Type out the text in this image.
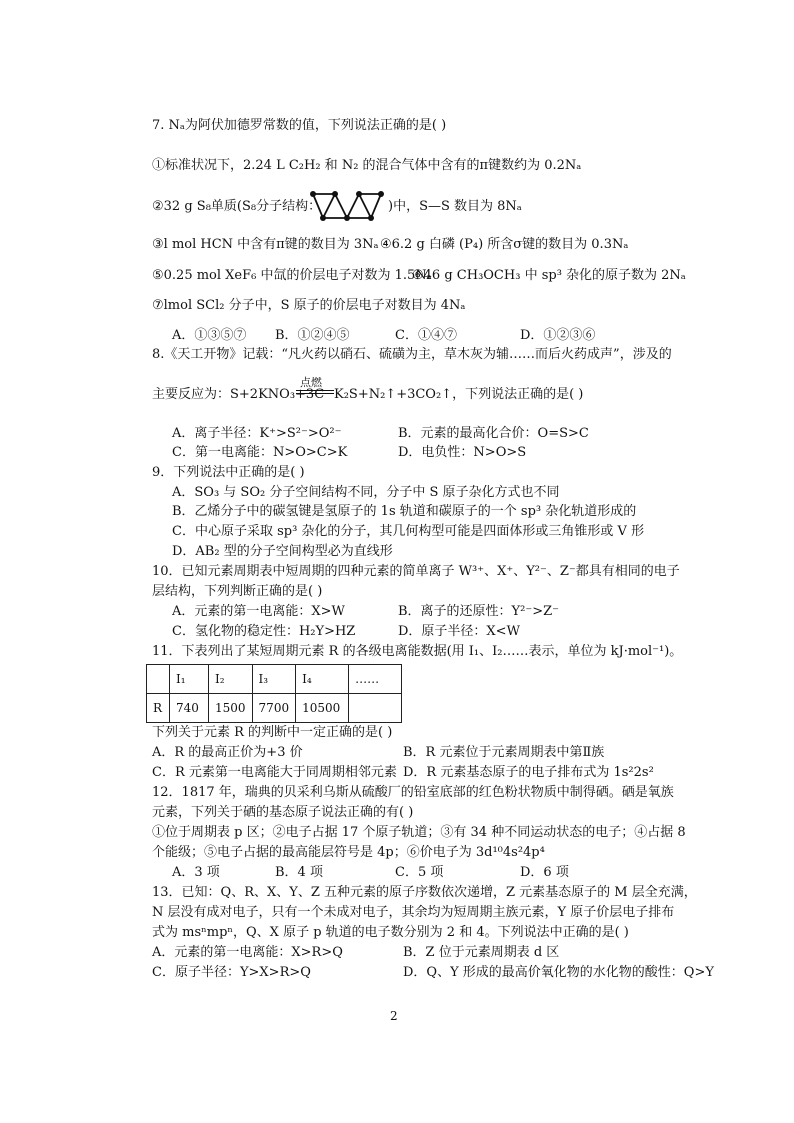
7. Nₐ为阿伏加德罗常数的值，下列说法正确的是( )
①标准状况下，2.24 L C₂H₂ 和 N₂ 的混合气体中含有的π键数约为 0.2Nₐ
②32 g S₈单质(S₈分子结构：	)中，S—S 数目为 8Nₐ
③l mol HCN 中含有π键的数目为 3Nₐ ④6.2 g 白磷 (P₄) 所含σ键的数目为 0.3Nₐ
⑤0.25 mol XeF₆ 中氙的价层电子对数为 1.5Nₐ
⑥46 g CH₃OCH₃ 中 sp³ 杂化的原子数为 2Nₐ
⑦lmol SCl₂ 分子中，S 原子的价层电子对数目为 4Nₐ
A．①③⑤⑦ B．①②④⑤	C．①④⑦	D．①②③⑥
8.《天工开物》记载：“凡火药以硝石、硫磺为主，草木灰为辅……而后火药成声”，涉及的
主要反应为：S+2KNO₃+3C
点燃
K₂S+N₂↑+3CO₂↑，下列说法正确的是( )
A．离子半径：K⁺>S²⁻>O²⁻	B．元素的最高化合价：O=S>C
C．第一电离能：N>O>C>K	D．电负性：N>O>S
9．下列说法中正确的是( )
A．SO₃ 与 SO₂ 分子空间结构不同，分子中 S 原子杂化方式也不同
B．乙烯分子中的碳氢键是氢原子的 1s 轨道和碳原子的一个 sp³ 杂化轨道形成的
C．中心原子采取 sp³ 杂化的分子，其几何构型可能是四面体形或三角锥形或 V 形
D．AB₂ 型的分子空间构型必为直线形
10．已知元素周期表中短周期的四种元素的简单离子 W³⁺、X⁺、Y²⁻、Z⁻都具有相同的电子
层结构，下列判断正确的是( )
A．元素的第一电离能：X>W	B．离子的还原性：Y²⁻>Z⁻
C．氢化物的稳定性：H₂Y>HZ	D．原子半径：X<W
11．下表列出了某短周期元素 R 的各级电离能数据(用 I₁、I₂……表示，单位为 kJ·mol⁻¹)。
	I₁	I₂	I₃	I₄	……
R	740	1500	7700	10500	
下列关于元素 R 的判断中一定正确的是( )
A．R 的最高正价为+3 价	B．R 元素位于元素周期表中第Ⅱ族
C．R 元素第一电离能大于同周期相邻元素 D．R 元素基态原子的电子排布式为 1s²2s²
12．1817 年，瑞典的贝采利乌斯从硫酸厂的铅室底部的红色粉状物质中制得硒。硒是氧族
元素，下列关于硒的基态原子说法正确的有( )
①位于周期表 p 区；②电子占据 17 个原子轨道；③有 34 种不同运动状态的电子；④占据 8
个能级；⑤电子占据的最高能层符号是 4p；⑥价电子为 3d¹⁰4s²4p⁴
A．3 项	B．4 项	C．5 项	D．6 项
13．已知：Q、R、X、Y、Z 五种元素的原子序数依次递增，Z 元素基态原子的 M 层全充满，
N 层没有成对电子，只有一个未成对电子，其余均为短周期主族元素，Y 原子价层电子排布
式为 msⁿmpⁿ，Q、X 原子 p 轨道的电子数分别为 2 和 4。下列说法中正确的是( )
A．元素的第一电离能：X>R>Q	B．Z 位于元素周期表 d 区
C．原子半径：Y>X>R>Q	D．Q、Y 形成的最高价氧化物的水化物的酸性：Q>Y
2
